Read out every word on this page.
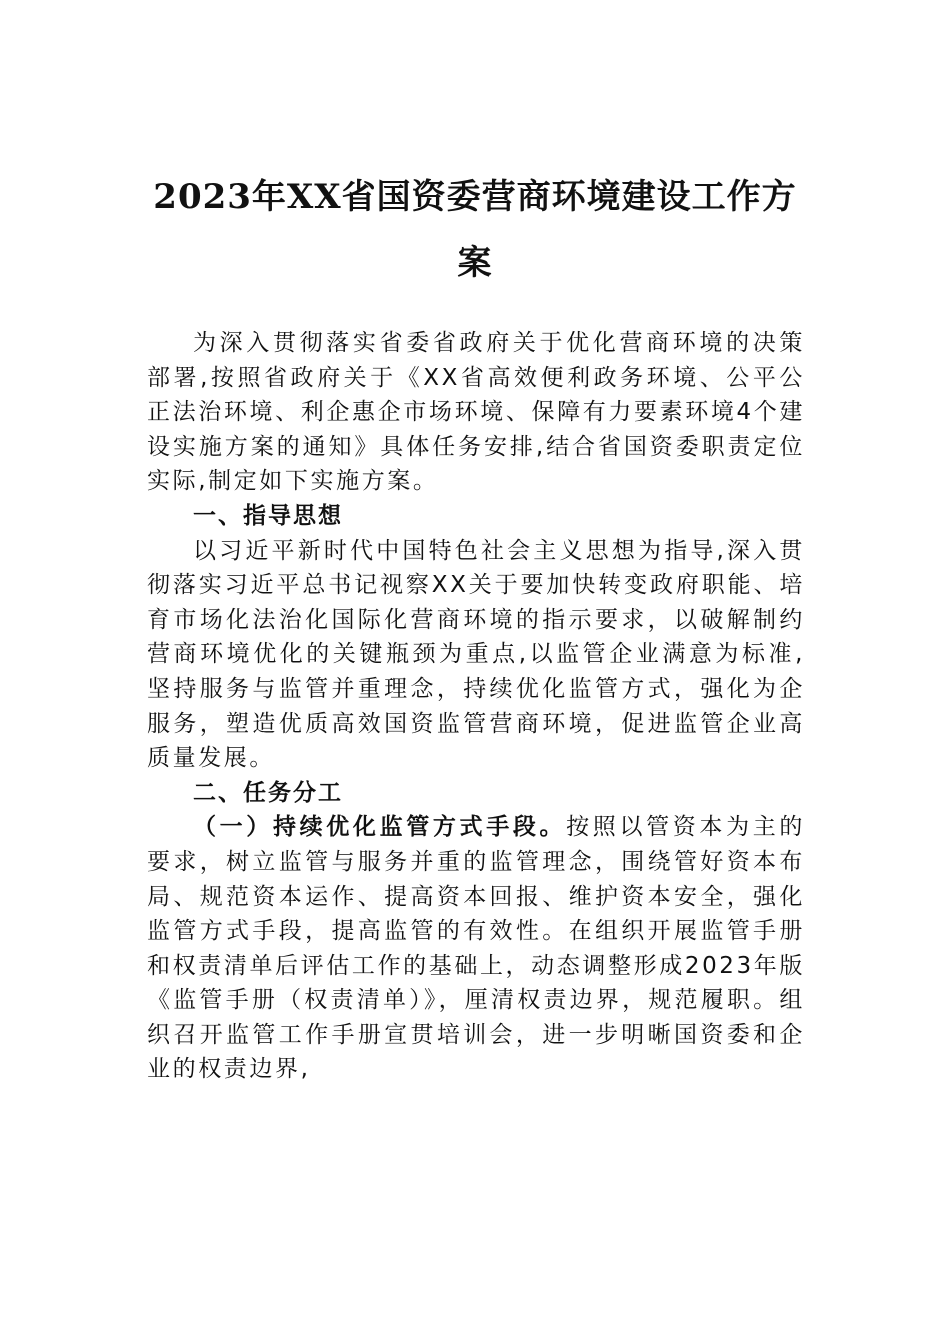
2023年XX省国资委营商环境建设工作方案

为深入贯彻落实省委省政府关于优化营商环境的决策部署,按照省政府关于《XX省高效便利政务环境、公平公正法治环境、利企惠企市场环境、保障有力要素环境4个建设实施方案的通知》具体任务安排,结合省国资委职责定位实际,制定如下实施方案。

一、指导思想

以习近平新时代中国特色社会主义思想为指导,深入贯彻落实习近平总书记视察XX关于要加快转变政府职能、培育市场化法治化国际化营商环境的指示要求，以破解制约营商环境优化的关键瓶颈为重点,以监管企业满意为标准,坚持服务与监管并重理念，持续优化监管方式，强化为企服务，塑造优质高效国资监管营商环境，促进监管企业高质量发展。

二、任务分工

（一）持续优化监管方式手段。按照以管资本为主的要求，树立监管与服务并重的监管理念，围绕管好资本布局、规范资本运作、提高资本回报、维护资本安全，强化监管方式手段，提高监管的有效性。在组织开展监管手册和权责清单后评估工作的基础上，动态调整形成2023年版《监管手册（权责清单）》，厘清权责边界，规范履职。组织召开监管工作手册宣贯培训会，进一步明晰国资委和企业的权责边界,
